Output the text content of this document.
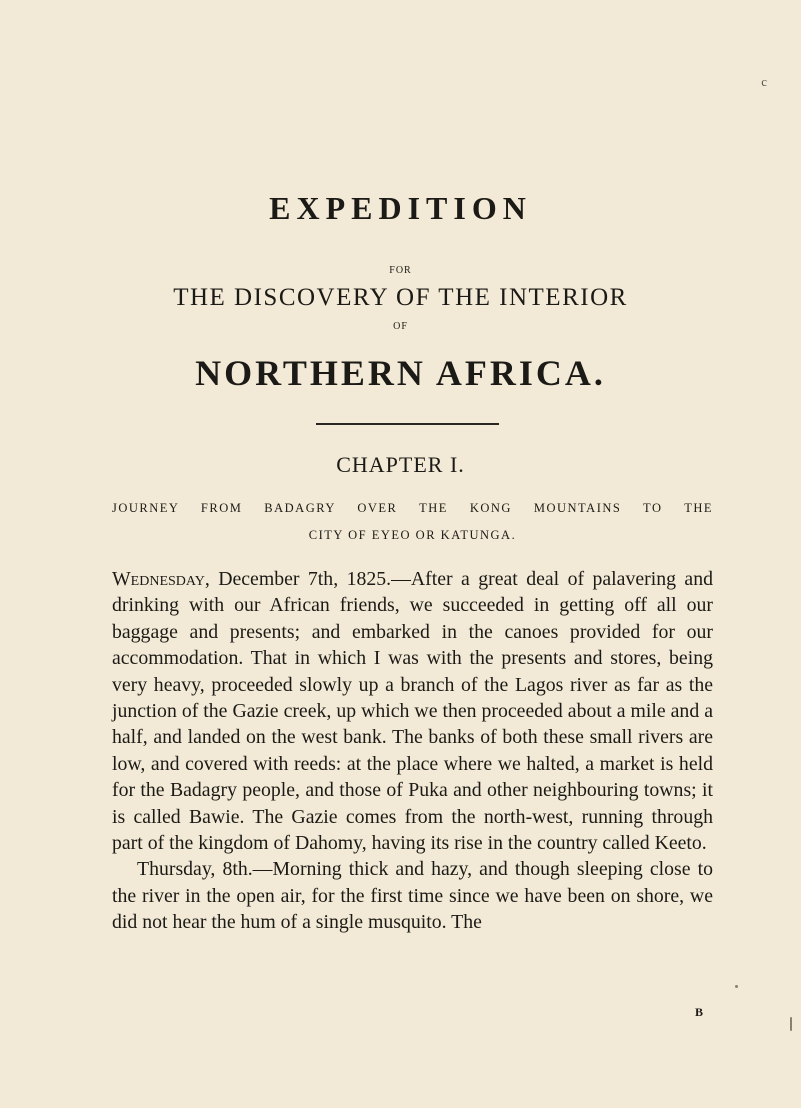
c
EXPEDITION
FOR
THE DISCOVERY OF THE INTERIOR
OF
NORTHERN AFRICA.
CHAPTER I.
JOURNEY FROM BADAGRY OVER THE KONG MOUNTAINS TO THE
CITY OF EYEO OR KATUNGA.

Wednesday, December 7th, 1825.—After a great deal of palavering and drinking with our African friends, we succeeded in getting off all our baggage and presents; and embarked in the canoes provided for our accommodation. That in which I was with the presents and stores, being very heavy, proceeded slowly up a branch of the Lagos river as far as the junction of the Gazie creek, up which we then proceeded about a mile and a half, and landed on the west bank. The banks of both these small rivers are low, and covered with reeds: at the place where we halted, a market is held for the Badagry people, and those of Puka and other neighbouring towns; it is called Bawie. The Gazie comes from the north-west, running through part of the kingdom of Dahomy, having its rise in the country called Keeto.

Thursday, 8th.—Morning thick and hazy, and though sleeping close to the river in the open air, for the first time since we have been on shore, we did not hear the hum of a single musquito. The

B
